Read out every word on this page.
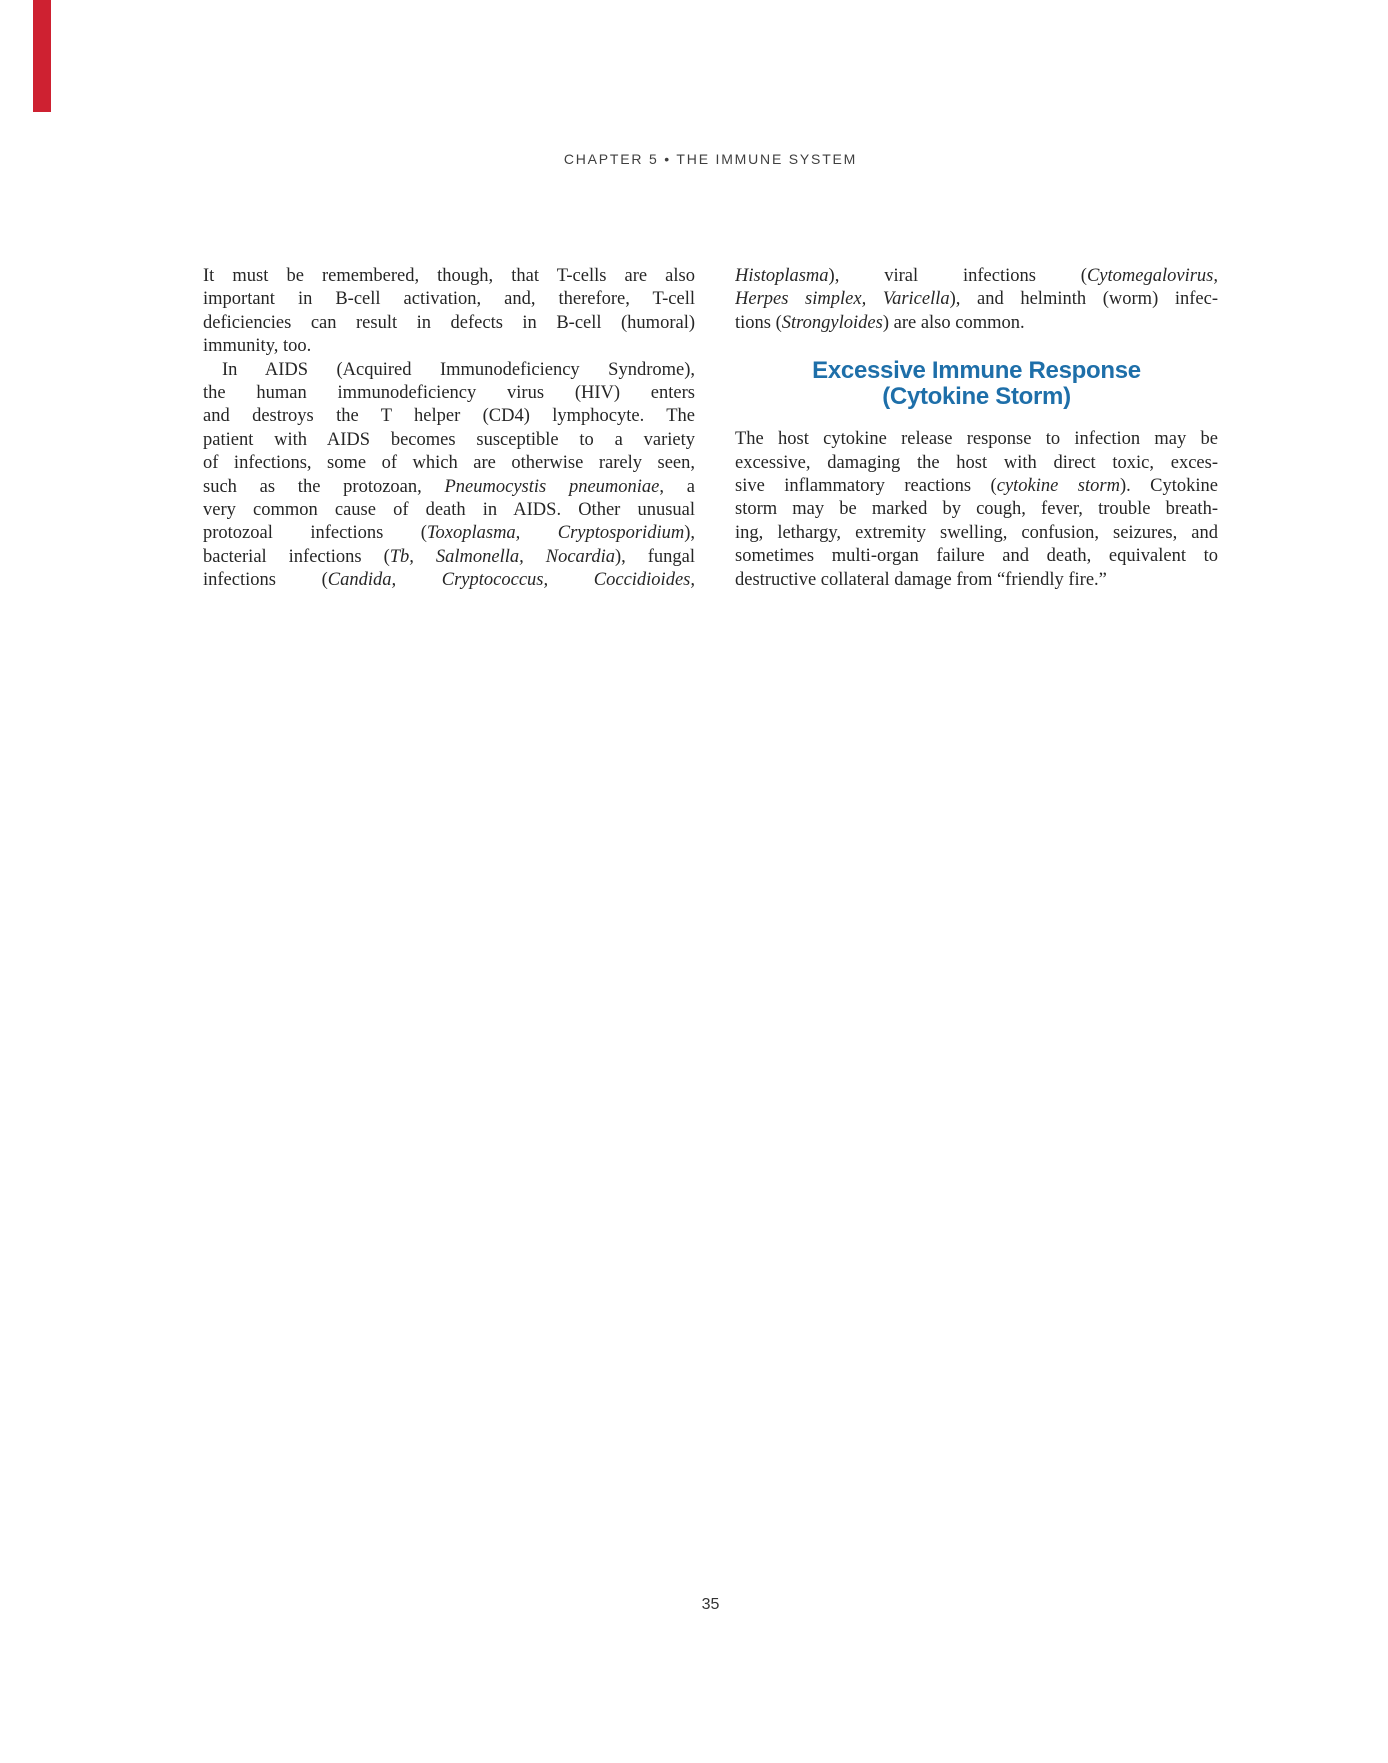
CHAPTER 5 • THE IMMUNE SYSTEM
It must be remembered, though, that T-cells are also
important in B-cell activation, and, therefore, T-cell
deficiencies can result in defects in B-cell (humoral)
immunity, too.
In AIDS (Acquired Immunodeficiency Syndrome),
the human immunodeficiency virus (HIV) enters
and destroys the T helper (CD4) lymphocyte. The
patient with AIDS becomes susceptible to a variety
of infections, some of which are otherwise rarely seen,
such as the protozoan, Pneumocystis pneumoniae, a
very common cause of death in AIDS. Other unusual
protozoal infections (Toxoplasma, Cryptosporidium),
bacterial infections (Tb, Salmonella, Nocardia), fungal
infections (Candida, Cryptococcus, Coccidioides,
Histoplasma), viral infections (Cytomegalovirus,
Herpes simplex, Varicella), and helminth (worm) infec-
tions (Strongyloides) are also common.
Excessive Immune Response
(Cytokine Storm)
The host cytokine release response to infection may be
excessive, damaging the host with direct toxic, exces-
sive inflammatory reactions (cytokine storm). Cytokine
storm may be marked by cough, fever, trouble breath-
ing, lethargy, extremity swelling, confusion, seizures, and
sometimes multi-organ failure and death, equivalent to
destructive collateral damage from “friendly fire.”
35
